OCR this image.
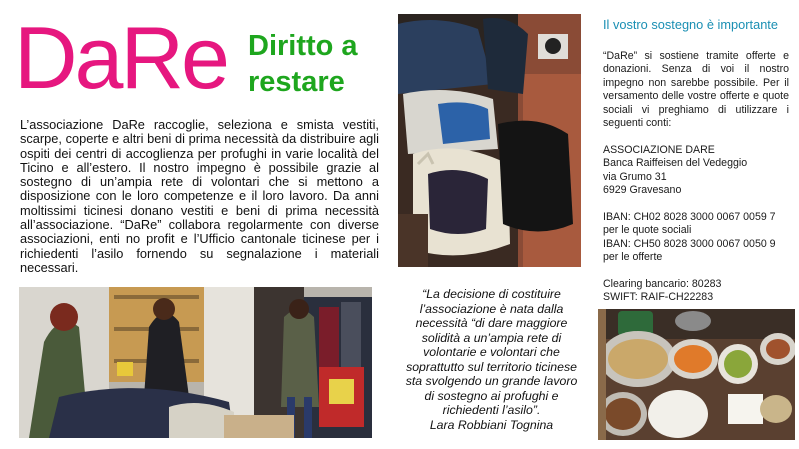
DaRe Diritto a
restare
L’associazione DaRe raccoglie, seleziona e smista vestiti, scarpe, coperte e altri beni di prima necessità da distribuire agli ospiti dei centri di accoglienza per profughi in varie località del Ticino e all’estero. Il nostro impegno è possibile grazie al sostegno di un’ampia rete di volontari che si mettono a disposizione con le loro competenze e il loro lavoro. Da anni moltissimi ticinesi donano vestiti e beni di prima necessità all’associazione. “DaRe” collabora regolarmente con diverse associazioni, enti no profit e l’Ufficio cantonale ticinese per i richiedenti l’asilo fornendo su segnalazione i materiali necessari.
“La decisione di costituire l’associazione è nata dalla necessità “di dare maggiore solidità a un’ampia rete di volontarie e volontari che soprattutto sul territorio ticinese sta svolgendo un grande lavoro di sostegno ai profughi e richiedenti l’asilo”.
Lara Robbiani Tognina
Il vostro sostegno è importante

“DaRe” si sostiene tramite offerte e donazioni. Senza di voi il nostro impegno non sarebbe possibile. Per il versamento delle vostre offerte e quote sociali vi preghiamo di utilizzare i seguenti conti:

ASSOCIAZIONE DARE

Banca Raiffeisen del Vedeggio

via Grumo 31

6929 Gravesano

IBAN: CH02 8028 3000 0067 0059 7

per le quote sociali

IBAN: CH50 8028 3000 0067 0050 9

per le offerte

Clearing bancario: 80283

SWIFT: RAIF-CH22283
